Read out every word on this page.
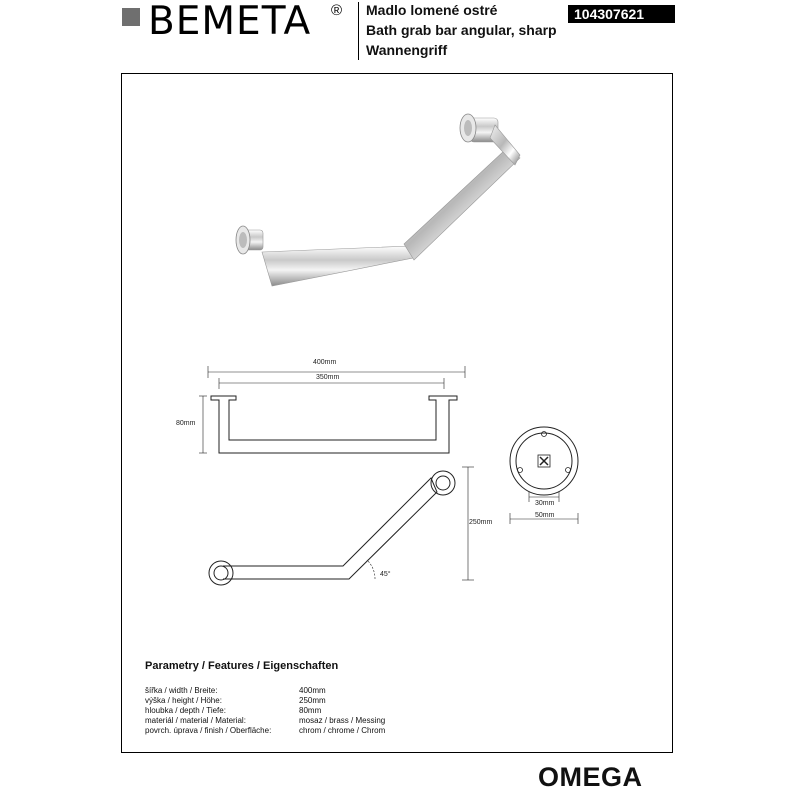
BEMETA ® Madlo lomené ostré
Bath grab bar angular, sharp
Wannengriff
104307621
400mm
350mm
80mm
45°
250mm
30mm
50mm
Parametry / Features / Eigenschaften
šířka / width / Breite:	400mm
výška / height / Höhe:	250mm
hloubka / depth / Tiefe:	80mm
materiál / material / Material:	mosaz / brass / Messing
povrch. úprava / finish / Oberfläche:	chrom / chrome / Chrom
OMEGA
